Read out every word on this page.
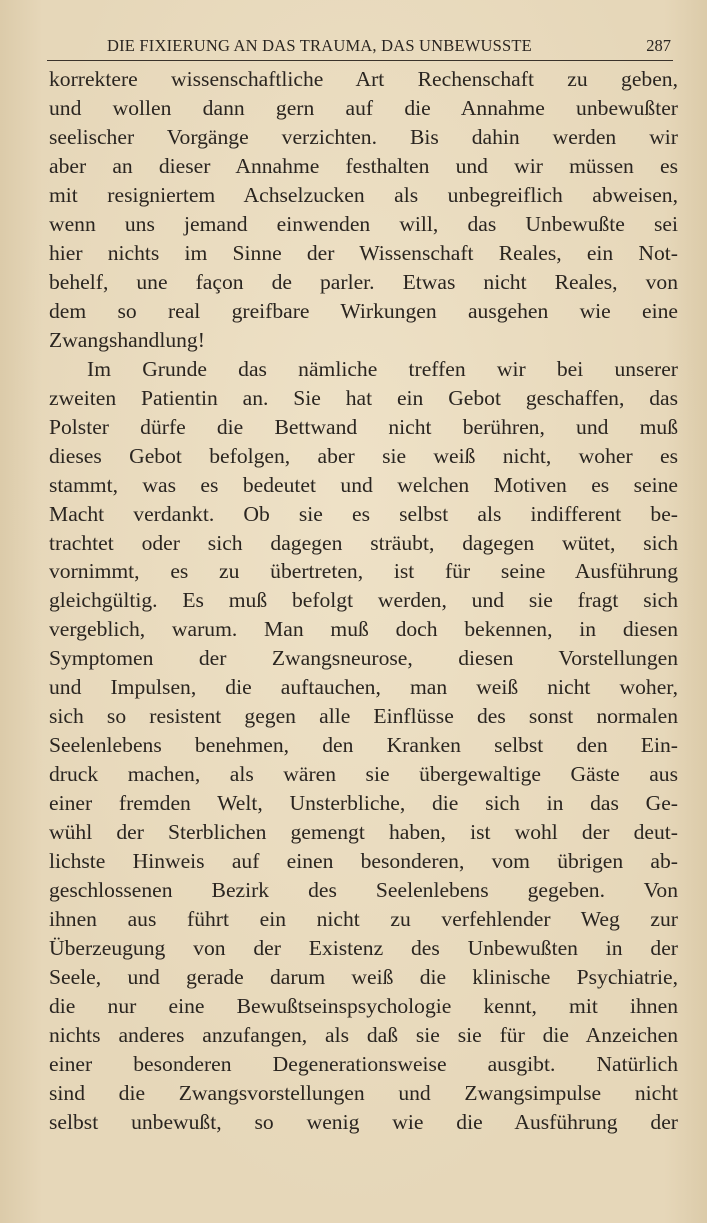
DIE FIXIERUNG AN DAS TRAUMA, DAS UNBEWUSSTE	287
korrektere wissenschaftliche Art Rechenschaft zu geben,
und wollen dann gern auf die Annahme unbewußter
seelischer Vorgänge verzichten. Bis dahin werden wir
aber an dieser Annahme festhalten und wir müssen es
mit resigniertem Achselzucken als unbegreiflich abweisen,
wenn uns jemand einwenden will, das Unbewußte sei
hier nichts im Sinne der Wissenschaft Reales, ein Not-
behelf, une façon de parler. Etwas nicht Reales, von
dem so real greifbare Wirkungen ausgehen wie eine
Zwangshandlung!
Im Grunde das nämliche treffen wir bei unserer
zweiten Patientin an. Sie hat ein Gebot geschaffen, das
Polster dürfe die Bettwand nicht berühren, und muß
dieses Gebot befolgen, aber sie weiß nicht, woher es
stammt, was es bedeutet und welchen Motiven es seine
Macht verdankt. Ob sie es selbst als indifferent be-
trachtet oder sich dagegen sträubt, dagegen wütet, sich
vornimmt, es zu übertreten, ist für seine Ausführung
gleichgültig. Es muß befolgt werden, und sie fragt sich
vergeblich, warum. Man muß doch bekennen, in diesen
Symptomen der Zwangsneurose, diesen Vorstellungen
und Impulsen, die auftauchen, man weiß nicht woher,
sich so resistent gegen alle Einflüsse des sonst normalen
Seelenlebens benehmen, den Kranken selbst den Ein-
druck machen, als wären sie übergewaltige Gäste aus
einer fremden Welt, Unsterbliche, die sich in das Ge-
wühl der Sterblichen gemengt haben, ist wohl der deut-
lichste Hinweis auf einen besonderen, vom übrigen ab-
geschlossenen Bezirk des Seelenlebens gegeben. Von
ihnen aus führt ein nicht zu verfehlender Weg zur
Überzeugung von der Existenz des Unbewußten in der
Seele, und gerade darum weiß die klinische Psychiatrie,
die nur eine Bewußtseinspsychologie kennt, mit ihnen
nichts anderes anzufangen, als daß sie sie für die Anzeichen
einer besonderen Degenerationsweise ausgibt. Natürlich
sind die Zwangsvorstellungen und Zwangsimpulse nicht
selbst unbewußt, so wenig wie die Ausführung der
